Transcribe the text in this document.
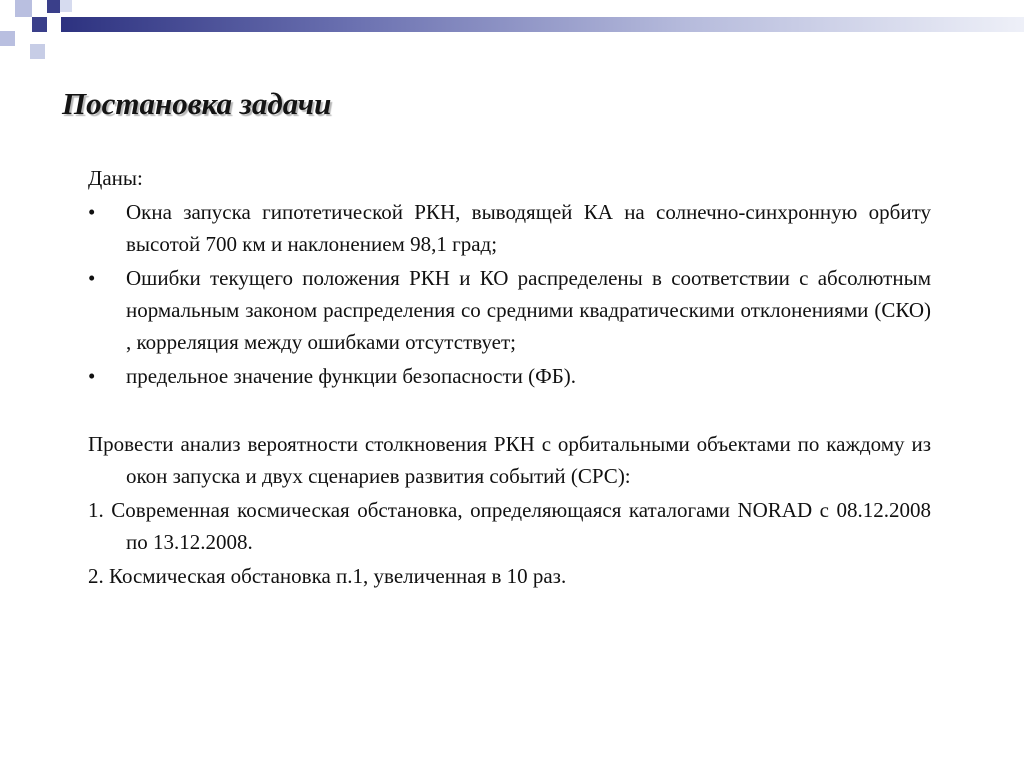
Постановка задачи

Даны:

•	Окна запуска гипотетической РКН, выводящей КА на солнечно-синхронную орбиту высотой 700 км и наклонением 98,1 град;
•	Ошибки текущего положения РКН и КО распределены в соответствии с абсолютным нормальным законом распределения со средними квадратическими отклонениями (СКО) , корреляция между ошибками отсутствует;
•	предельное значение функции безопасности (ФБ).

Провести анализ вероятности столкновения РКН с орбитальными объектами по каждому из окон запуска и двух сценариев развития событий (СРС):

1. Современная космическая обстановка, определяющаяся каталогами NORAD с 08.12.2008 по 13.12.2008.

2. Космическая обстановка п.1, увеличенная в 10 раз.
